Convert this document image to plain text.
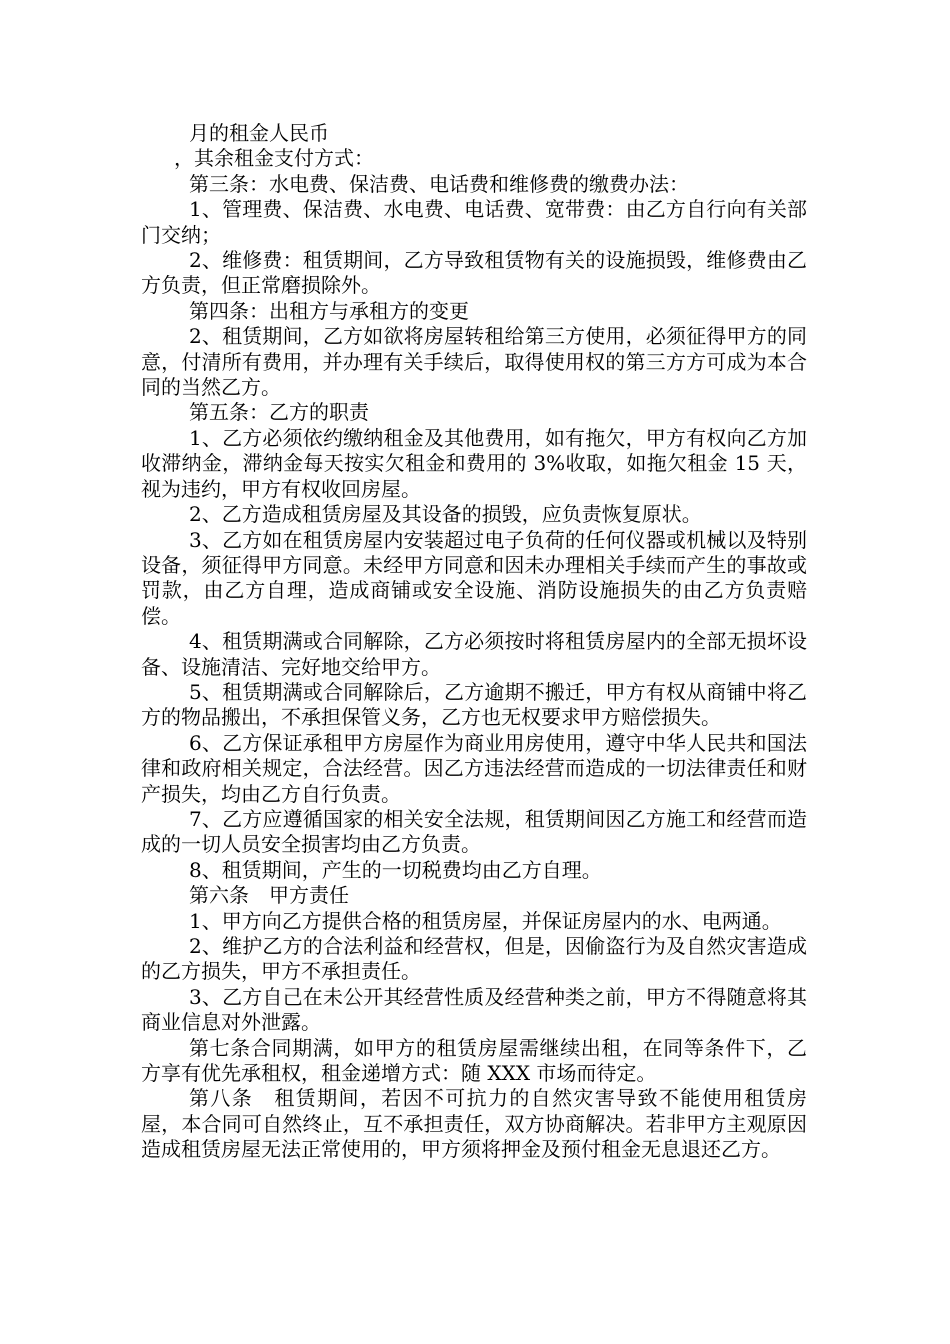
月的租金人民币

，其余租金支付方式：

第三条：水电费、保洁费、电话费和维修费的缴费办法：

1、管理费、保洁费、水电费、电话费、宽带费：由乙方自行向有关部门交纳；

2、维修费：租赁期间，乙方导致租赁物有关的设施损毁，维修费由乙方负责，但正常磨损除外。

第四条：出租方与承租方的变更

2、租赁期间，乙方如欲将房屋转租给第三方使用，必须征得甲方的同意，付清所有费用，并办理有关手续后，取得使用权的第三方方可成为本合同的当然乙方。

第五条：乙方的职责

1、乙方必须依约缴纳租金及其他费用，如有拖欠，甲方有权向乙方加收滞纳金，滞纳金每天按实欠租金和费用的 3%收取，如拖欠租金 15 天，视为违约，甲方有权收回房屋。

2、乙方造成租赁房屋及其设备的损毁，应负责恢复原状。

3、乙方如在租赁房屋内安装超过电子负荷的任何仪器或机械以及特别设备，须征得甲方同意。未经甲方同意和因未办理相关手续而产生的事故或罚款，由乙方自理，造成商铺或安全设施、消防设施损失的由乙方负责赔偿。

4、租赁期满或合同解除，乙方必须按时将租赁房屋内的全部无损坏设备、设施清洁、完好地交给甲方。

5、租赁期满或合同解除后，乙方逾期不搬迁，甲方有权从商铺中将乙方的物品搬出，不承担保管义务，乙方也无权要求甲方赔偿损失。

6、乙方保证承租甲方房屋作为商业用房使用，遵守中华人民共和国法律和政府相关规定，合法经营。因乙方违法经营而造成的一切法律责任和财产损失，均由乙方自行负责。

7、乙方应遵循国家的相关安全法规，租赁期间因乙方施工和经营而造成的一切人员安全损害均由乙方负责。

8、租赁期间，产生的一切税费均由乙方自理。

第六条　甲方责任

1、甲方向乙方提供合格的租赁房屋，并保证房屋内的水、电两通。

2、维护乙方的合法利益和经营权，但是，因偷盗行为及自然灾害造成的乙方损失，甲方不承担责任。

3、乙方自己在未公开其经营性质及经营种类之前，甲方不得随意将其商业信息对外泄露。

第七条合同期满，如甲方的租赁房屋需继续出租，在同等条件下，乙方享有优先承租权，租金递增方式：随 XXX 市场而待定。

第八条　租赁期间，若因不可抗力的自然灾害导致不能使用租赁房屋，本合同可自然终止，互不承担责任，双方协商解决。若非甲方主观原因造成租赁房屋无法正常使用的，甲方须将押金及预付租金无息退还乙方。
